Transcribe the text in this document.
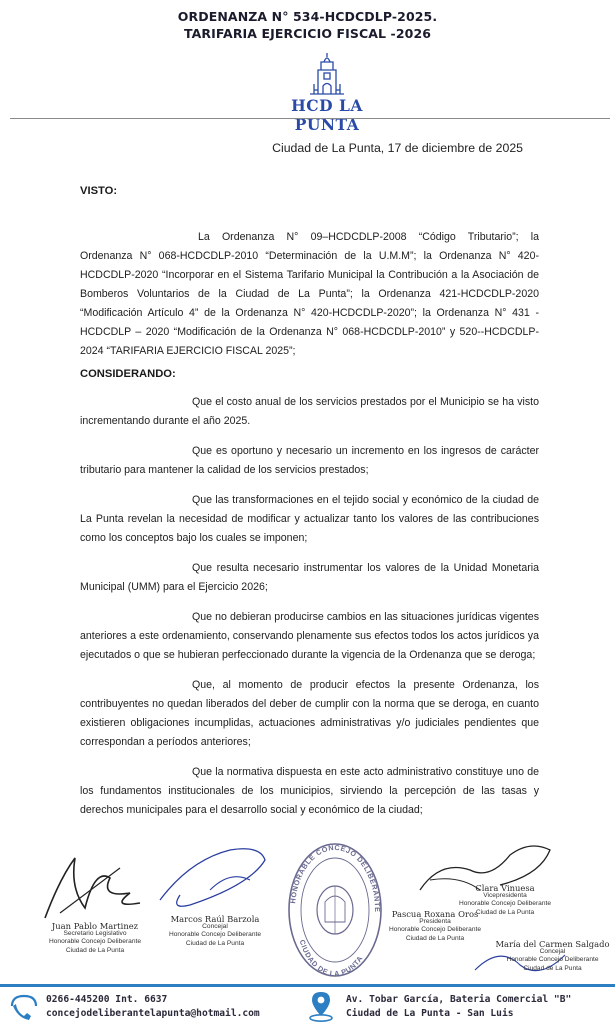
ORDENANZA N° 534-HCDCDLP-2025.
TARIFARIA EJERCICIO FISCAL -2026
HCD LA PUNTA
Ciudad de La Punta, 17 de diciembre de 2025
VISTO:
La Ordenanza N° 09–HCDCDLP-2008 “Código Tributario”; la Ordenanza N° 068-HCDCDLP-2010 “Determinación de la U.M.M”; la Ordenanza N° 420-HCDCDLP-2020 “Incorporar en el Sistema Tarifario Municipal la Contribución a la Asociación de Bomberos Voluntarios de la Ciudad de La Punta”; la Ordenanza 421-HCDCDLP-2020 “Modificación Artículo 4” de la Ordenanza N° 420-HCDCDLP-2020”; la Ordenanza N° 431 - HCDCDLP – 2020 “Modificación de la Ordenanza N° 068-HCDCDLP-2010” y 520--HCDCDLP-2024 “TARIFARIA EJERCICIO FISCAL 2025”;
CONSIDERANDO:
Que el costo anual de los servicios prestados por el Municipio se ha visto incrementando durante el año 2025.
Que es oportuno y necesario un incremento en los ingresos de carácter tributario para mantener la calidad de los servicios prestados;
Que las transformaciones en el tejido social y económico de la ciudad de La Punta revelan la necesidad de modificar y actualizar tanto los valores de las contribuciones como los conceptos bajo los cuales se imponen;
Que resulta necesario instrumentar los valores de la Unidad Monetaria Municipal (UMM) para el Ejercicio 2026;
Que no debieran producirse cambios en las situaciones jurídicas vigentes anteriores a este ordenamiento, conservando plenamente sus efectos todos los actos jurídicos ya ejecutados o que se hubieran perfeccionado durante la vigencia de la Ordenanza que se deroga;
Que, al momento de producir efectos la presente Ordenanza, los contribuyentes no quedan liberados del deber de cumplir con la norma que se deroga, en cuanto existieren obligaciones incumplidas, actuaciones administrativas y/o judiciales pendientes que correspondan a períodos anteriores;
Que la normativa dispuesta en este acto administrativo constituye uno de los fundamentos institucionales de los municipios, sirviendo la percepción de las tasas y derechos municipales para el desarrollo social y económico de la ciudad;
Juan Pablo Martinez
Secretario Legislativo
Honorable Concejo Deliberante
Ciudad de La Punta
Marcos Raúl Barzola
Concejal
Honorable Concejo Deliberante
Ciudad de La Punta
Clara Vinuesa
Vicepresidenta
Honorable Concejo Deliberante
Ciudad de La Punta
Pascua Roxana Oros
Presidenta
Honorable Concejo Deliberante
Ciudad de La Punta
María del Carmen Salgado
Concejal
Honorable Concejo Deliberante
Ciudad de La Punta
HONORABLE CONCEJO DELIBERANTE
CIUDAD DE LA PUNTA
0266-445200 Int. 6637
concejodeliberantelapunta@hotmail.com
Av. Tobar García, Bateria Comercial "B"
Ciudad de La Punta - San Luis
